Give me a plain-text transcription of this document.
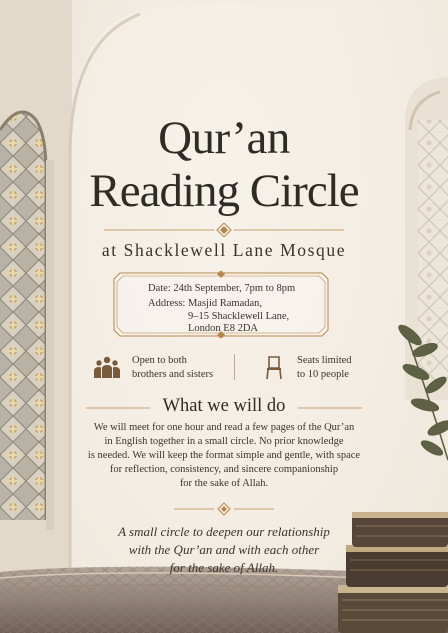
Qur’an
Reading Circle
at Shacklewell Lane Mosque
Date: 24th September, 7pm to 8pm
Address: Masjid Ramadan,
9–15 Shacklewell Lane,
London E8 2DA
Open to both
brothers and sisters
Seats limited
to 10 people
What we will do
We will meet for one hour and read a few pages of the Qur’an
in English together in a small circle. No prior knowledge
is needed. We will keep the format simple and gentle, with space
for reflection, consistency, and sincere companionship
for the sake of Allah.
A small circle to deepen our relationship
with the Qur’an and with each other
for the sake of Allah.
